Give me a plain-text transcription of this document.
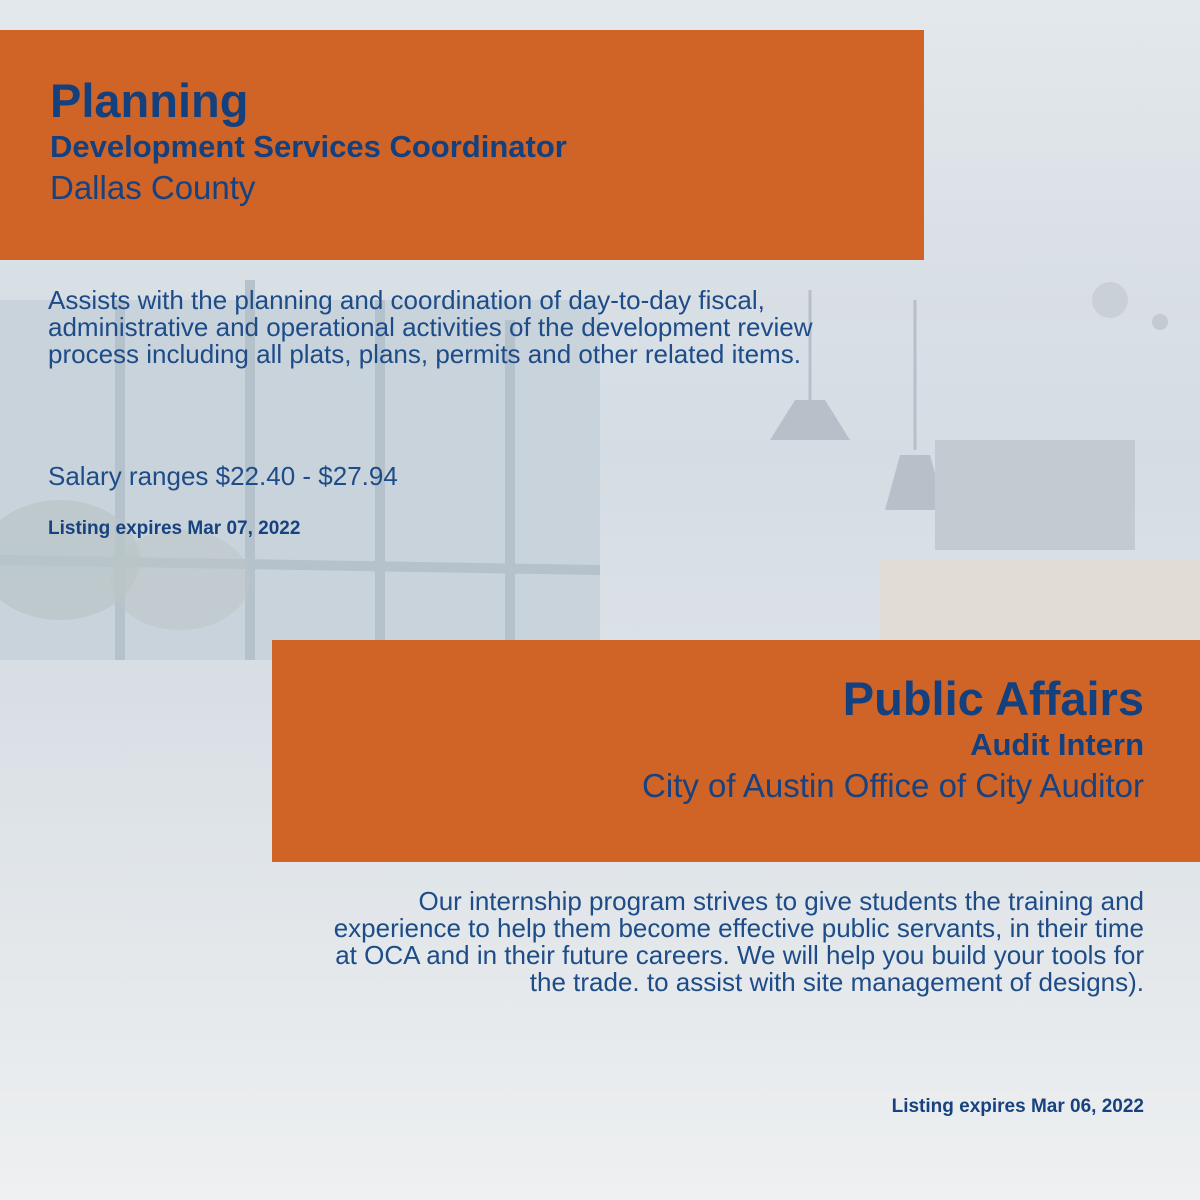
Planning
Development Services Coordinator
Dallas County
Assists with the planning and coordination of day-to-day fiscal, administrative and operational activities of the development review process including all plats, plans, permits and other related items.
Salary ranges $22.40 - $27.94
Listing expires Mar 07, 2022
Public Affairs
Audit Intern
City of Austin Office of City Auditor
Our internship program strives to give students the training and experience to help them become effective public servants, in their time at OCA and in their future careers. We will help you build your tools for the trade. to assist with site management of designs).
Listing expires Mar 06, 2022
